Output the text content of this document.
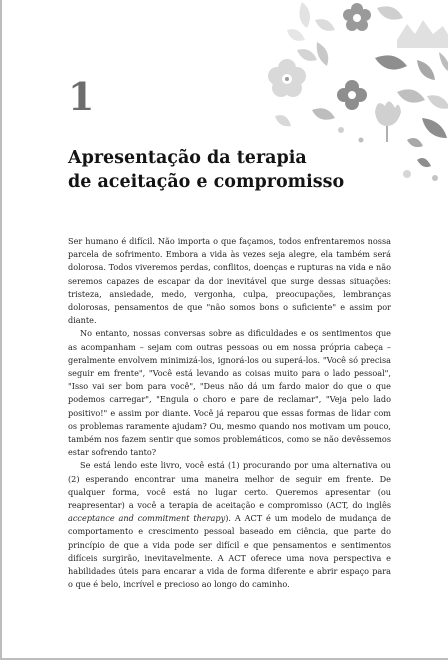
1
Apresentação da terapia
de aceitação e compromisso

Ser humano é difícil. Não importa o que façamos, todos enfrentaremos nossa parcela de sofrimento. Embora a vida às vezes seja alegre, ela também será dolorosa. Todos viveremos perdas, conflitos, doenças e rupturas na vida e não seremos capazes de escapar da dor inevitável que surge dessas situações: tristeza, ansiedade, medo, vergonha, culpa, preocupações, lembranças dolorosas, pensamentos de que "não somos bons o suficiente" e assim por diante.

No entanto, nossas conversas sobre as dificuldades e os sentimentos que as acompanham – sejam com outras pessoas ou em nossa própria cabeça – geralmente envolvem minimizá-los, ignorá-los ou superá-los. "Você só precisa seguir em frente", "Você está levando as coisas muito para o lado pessoal", "Isso vai ser bom para você", "Deus não dá um fardo maior do que o que podemos carregar", "Engula o choro e pare de reclamar", "Veja pelo lado positivo!" e assim por diante. Você já reparou que essas formas de lidar com os problemas raramente ajudam? Ou, mesmo quando nos motivam um pouco, também nos fazem sentir que somos problemáticos, como se não devêssemos estar sofrendo tanto?

Se está lendo este livro, você está (1) procurando por uma alternativa ou (2) esperando encontrar uma maneira melhor de seguir em frente. De qualquer forma, você está no lugar certo. Queremos apresentar (ou reapresentar) a você a terapia de aceitação e compromisso (ACT, do inglês acceptance and commitment therapy). A ACT é um modelo de mudança de comportamento e crescimento pessoal baseado em ciência, que parte do princípio de que a vida pode ser difícil e que pensamentos e sentimentos difíceis surgirão, inevitavelmente. A ACT oferece uma nova perspectiva e habilidades úteis para encarar a vida de forma diferente e abrir espaço para o que é belo, incrível e precioso ao longo do caminho.
